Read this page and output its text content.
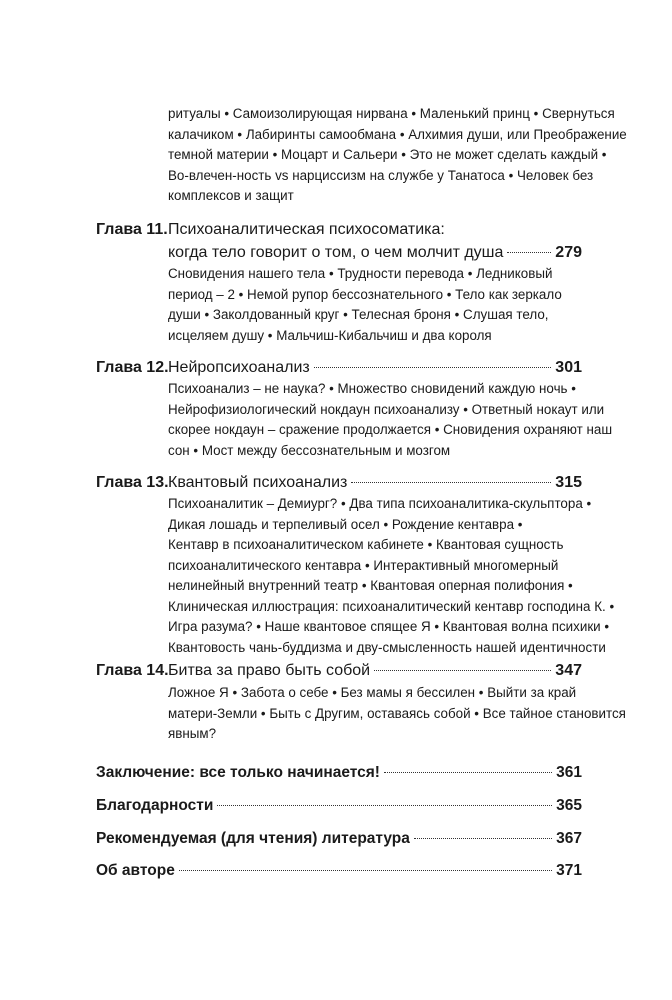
ритуалы • Самоизолирующая нирвана • Маленький принц • Свернуться
калачиком • Лабиринты самообмана • Алхимия души, или Преображение
темной материи • Моцарт и Сальери • Это не может сделать каждый •
Во-влечен-ность vs нарциссизм на службе у Танатоса • Человек без
комплексов и защит
Глава 11. Психоаналитическая психосоматика:
когда тело говорит о том, о чем молчит душа	279
Сновидения нашего тела • Трудности перевода • Ледниковый
период – 2 • Немой рупор бессознательного • Тело как зеркало
души • Заколдованный круг • Телесная броня • Слушая тело,
исцеляем душу • Мальчиш-Кибальчиш и два короля
Глава 12. Нейропсихоанализ	301
Психоанализ – не наука? • Множество сновидений каждую ночь •
Нейрофизиологический нокдаун психоанализу • Ответный нокаут или
скорее нокдаун – сражение продолжается • Сновидения охраняют наш
сон • Мост между бессознательным и мозгом
Глава 13. Квантовый психоанализ	315
Психоаналитик – Демиург? • Два типа психоаналитика-скульптора •
Дикая лошадь и терпеливый осел • Рождение кентавра •
Кентавр в психоаналитическом кабинете • Квантовая сущность
психоаналитического кентавра • Интерактивный многомерный
нелинейный внутренний театр • Квантовая оперная полифония •
Клиническая иллюстрация: психоаналитический кентавр господина К. •
Игра разума? • Наше квантовое спящее Я • Квантовая волна психики •
Квантовость чань-буддизма и дву-смысленность нашей идентичности
Глава 14. Битва за право быть собой	347
Ложное Я • Забота о себе • Без мамы я бессилен • Выйти за край
матери-Земли • Быть с Другим, оставаясь собой • Все тайное становится
явным?
Заключение: все только начинается!	361
Благодарности	365
Рекомендуемая (для чтения) литература	367
Об авторе	371
